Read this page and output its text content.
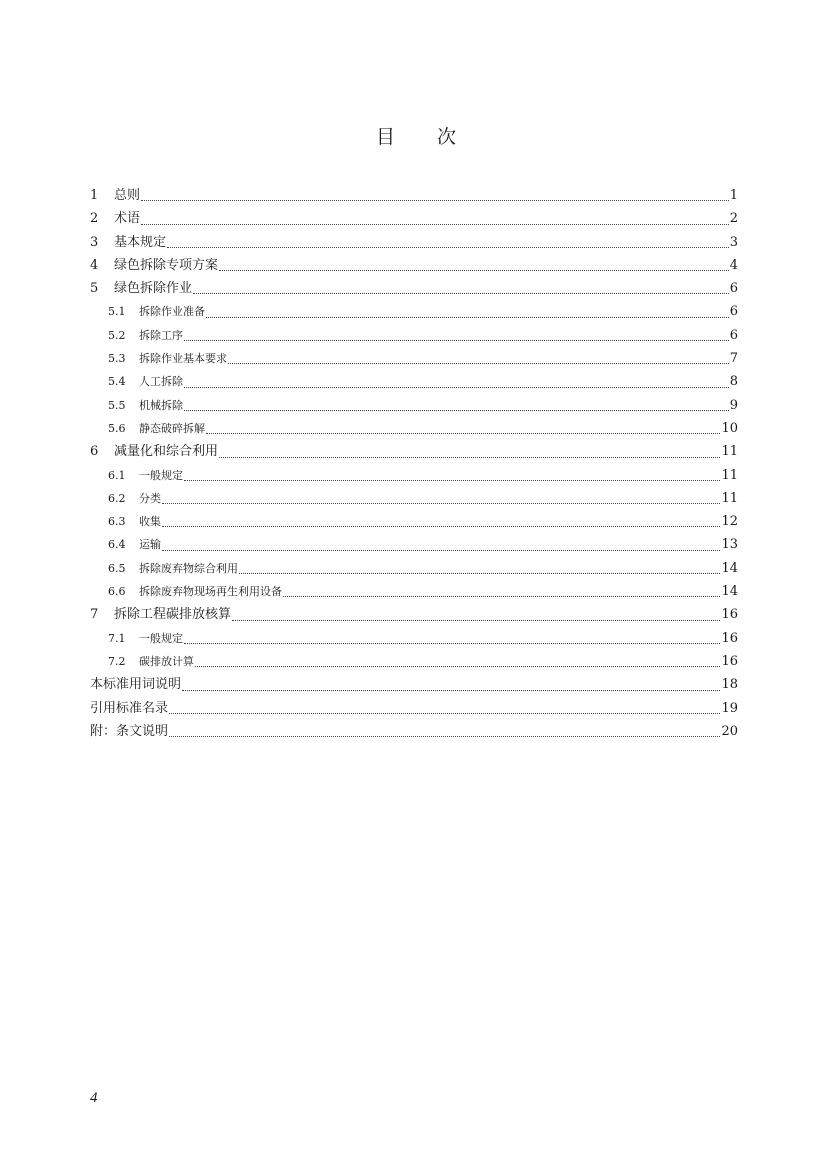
目 次
1	总则	1
2	术语	2
3	基本规定	3
4	绿色拆除专项方案	4
5	绿色拆除作业	6
5.1	拆除作业准备	6
5.2	拆除工序	6
5.3	拆除作业基本要求	7
5.4	人工拆除	8
5.5	机械拆除	9
5.6	静态破碎拆解	10
6	减量化和综合利用	11
6.1	一般规定	11
6.2	分类	11
6.3	收集	12
6.4	运输	13
6.5	拆除废弃物综合利用	14
6.6	拆除废弃物现场再生利用设备	14
7	拆除工程碳排放核算	16
7.1	一般规定	16
7.2	碳排放计算	16
本标准用词说明	18
引用标准名录	19
附：条文说明	20
4
